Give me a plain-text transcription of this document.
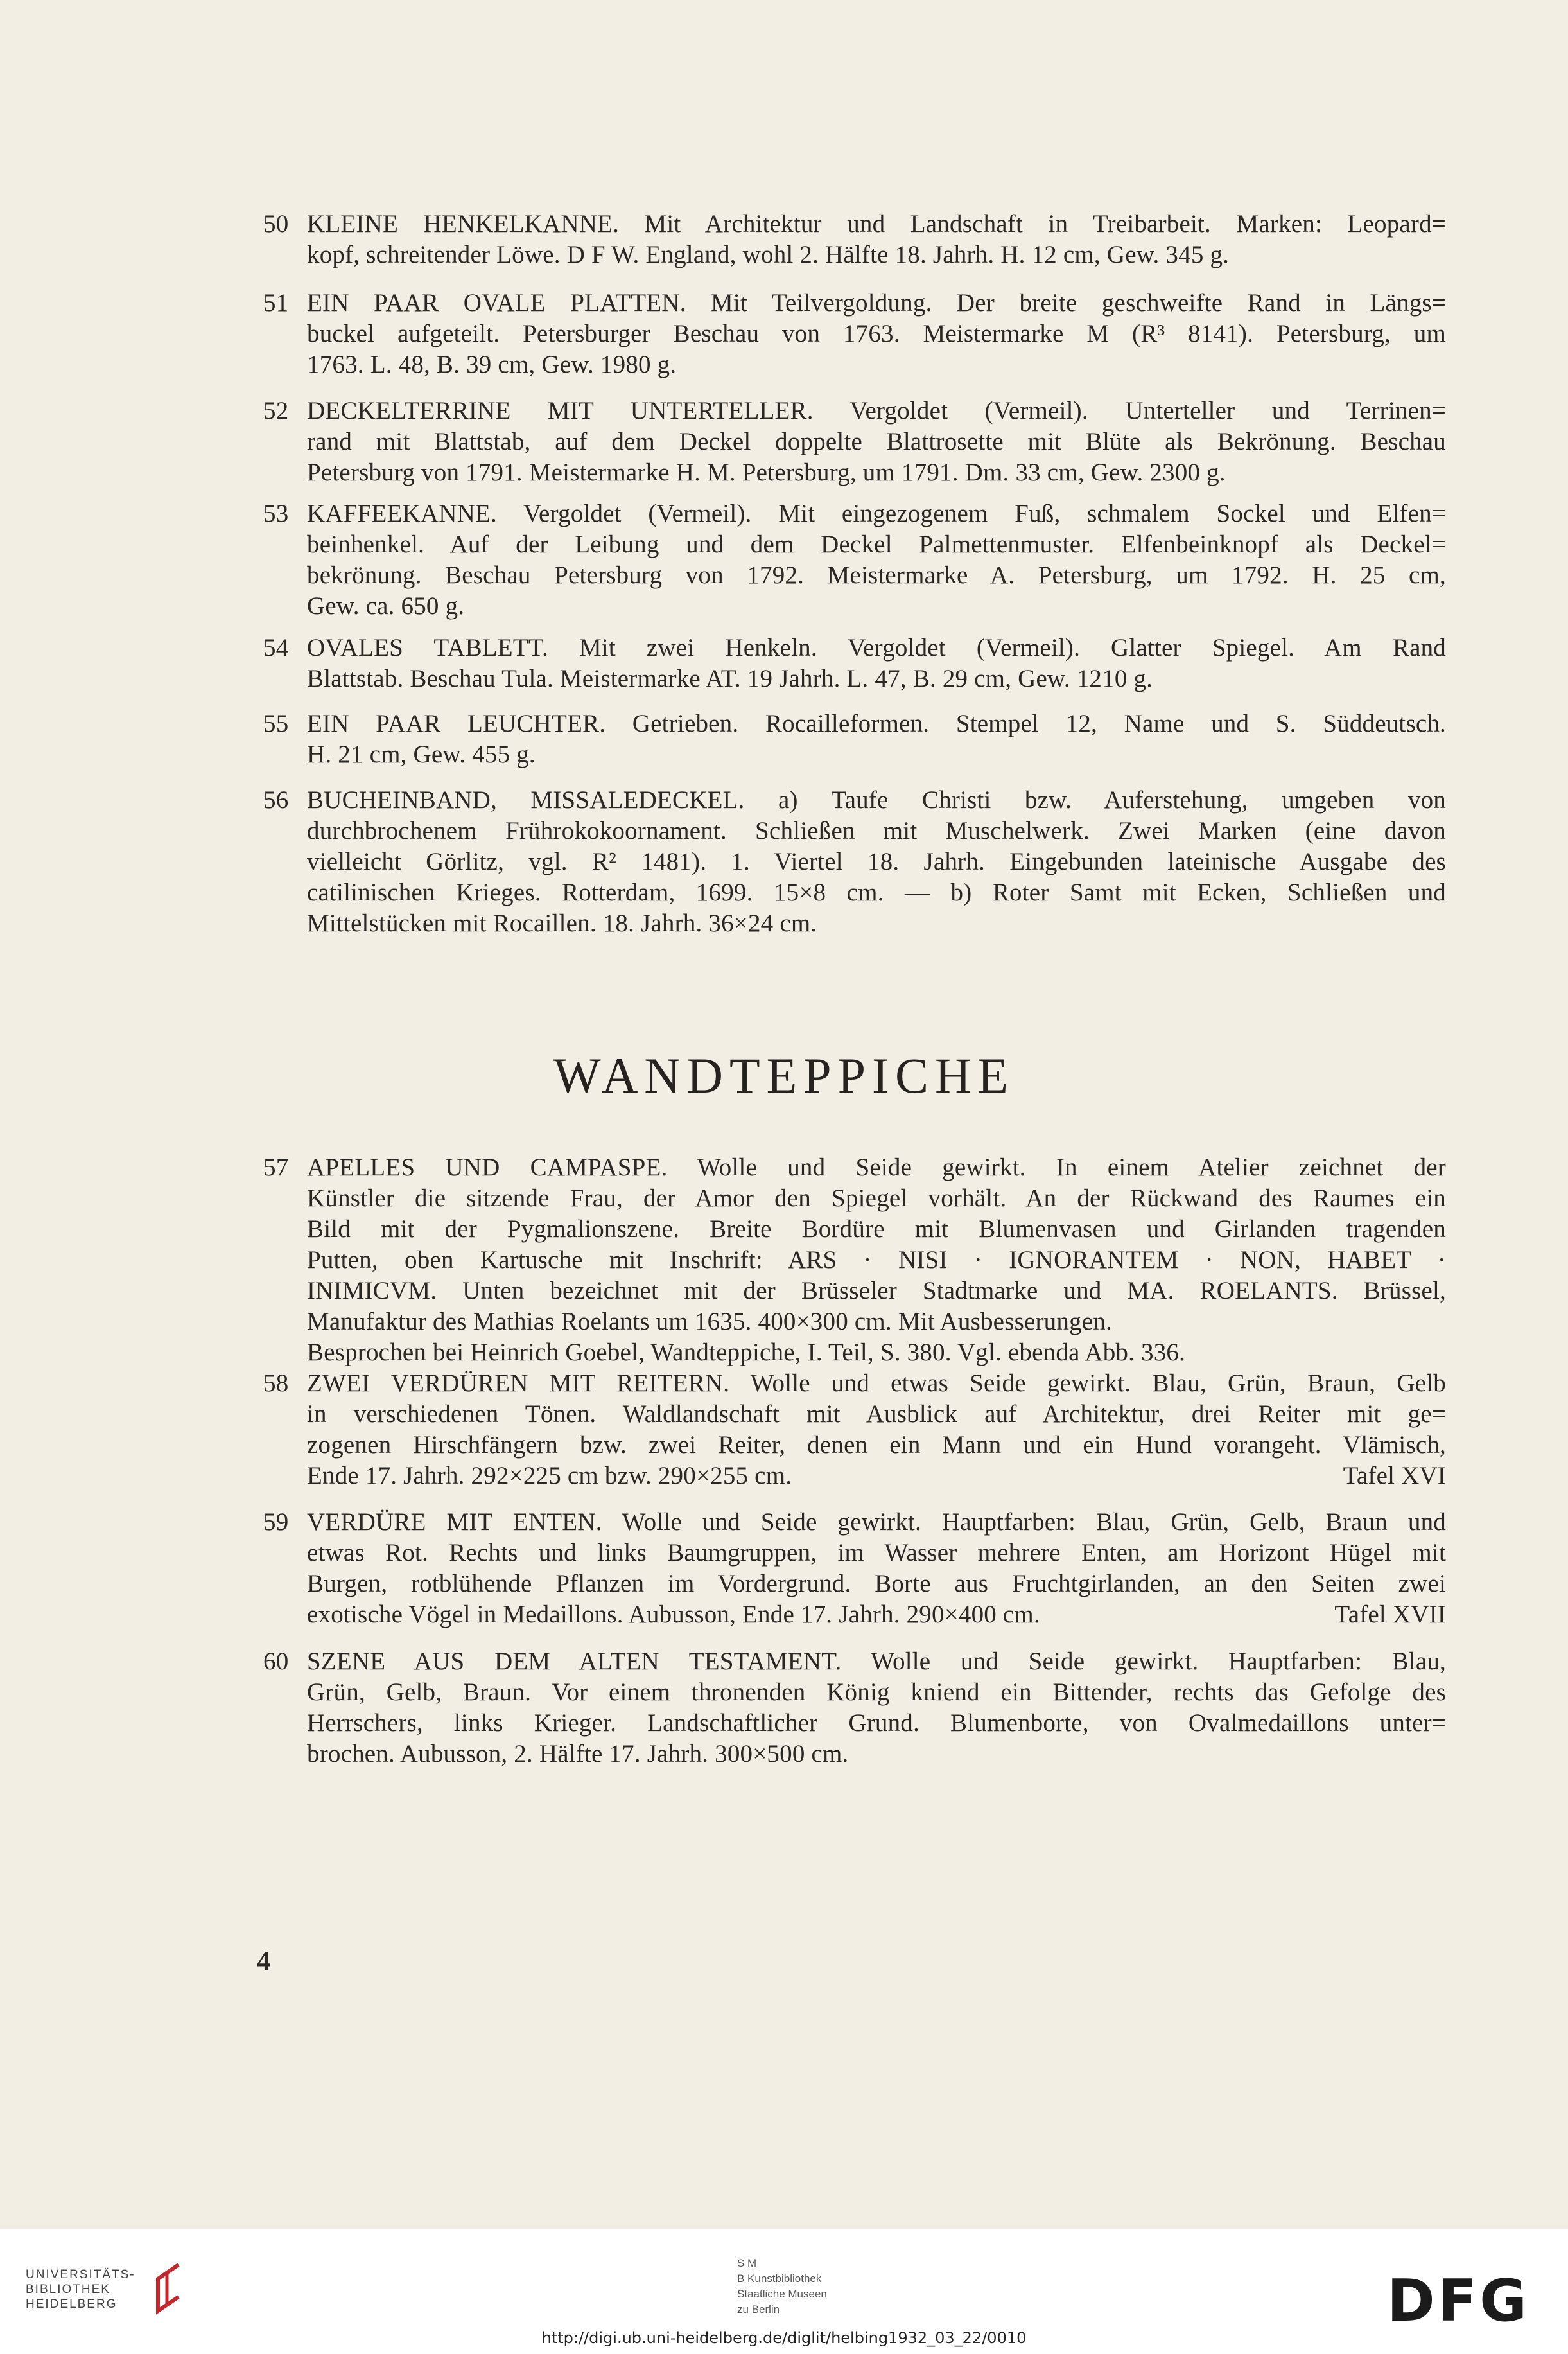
50 KLEINE HENKELKANNE. Mit Architektur und Landschaft in Treibarbeit. Marken: Leopard=
kopf, schreitender Löwe. D F W. England, wohl 2. Hälfte 18. Jahrh. H. 12 cm, Gew. 345 g.
51 EIN PAAR OVALE PLATTEN. Mit Teilvergoldung. Der breite geschweifte Rand in Längs=
buckel aufgeteilt. Petersburger Beschau von 1763. Meistermarke M (R³ 8141). Petersburg, um
1763. L. 48, B. 39 cm, Gew. 1980 g.
52 DECKELTERRINE MIT UNTERTELLER. Vergoldet (Vermeil). Unterteller und Terrinen=
rand mit Blattstab, auf dem Deckel doppelte Blattrosette mit Blüte als Bekrönung. Beschau
Petersburg von 1791. Meistermarke H. M. Petersburg, um 1791. Dm. 33 cm, Gew. 2300 g.
53 KAFFEEKANNE. Vergoldet (Vermeil). Mit eingezogenem Fuß, schmalem Sockel und Elfen=
beinhenkel. Auf der Leibung und dem Deckel Palmettenmuster. Elfenbeinknopf als Deckel=
bekrönung. Beschau Petersburg von 1792. Meistermarke A. Petersburg, um 1792. H. 25 cm,
Gew. ca. 650 g.
54 OVALES TABLETT. Mit zwei Henkeln. Vergoldet (Vermeil). Glatter Spiegel. Am Rand
Blattstab. Beschau Tula. Meistermarke AT. 19 Jahrh. L. 47, B. 29 cm, Gew. 1210 g.
55 EIN PAAR LEUCHTER. Getrieben. Rocailleformen. Stempel 12, Name und S. Süddeutsch.
H. 21 cm, Gew. 455 g.
56 BUCHEINBAND, MISSALEDECKEL. a) Taufe Christi bzw. Auferstehung, umgeben von
durchbrochenem Frührokokoornament. Schließen mit Muschelwerk. Zwei Marken (eine davon
vielleicht Görlitz, vgl. R² 1481). 1. Viertel 18. Jahrh. Eingebunden lateinische Ausgabe des
catilinischen Krieges. Rotterdam, 1699. 15×8 cm. — b) Roter Samt mit Ecken, Schließen und
Mittelstücken mit Rocaillen. 18. Jahrh. 36×24 cm.
WANDTEPPICHE
57 APELLES UND CAMPASPE. Wolle und Seide gewirkt. In einem Atelier zeichnet der
Künstler die sitzende Frau, der Amor den Spiegel vorhält. An der Rückwand des Raumes ein
Bild mit der Pygmalionszene. Breite Bordüre mit Blumenvasen und Girlanden tragenden
Putten, oben Kartusche mit Inschrift: ARS · NISI · IGNORANTEM · NON, HABET ·
INIMICVM. Unten bezeichnet mit der Brüsseler Stadtmarke und MA. ROELANTS. Brüssel,
Manufaktur des Mathias Roelants um 1635. 400×300 cm. Mit Ausbesserungen.
Besprochen bei Heinrich Goebel, Wandteppiche, I. Teil, S. 380. Vgl. ebenda Abb. 336.
58 ZWEI VERDÜREN MIT REITERN. Wolle und etwas Seide gewirkt. Blau, Grün, Braun, Gelb
in verschiedenen Tönen. Waldlandschaft mit Ausblick auf Architektur, drei Reiter mit ge=
zogenen Hirschfängern bzw. zwei Reiter, denen ein Mann und ein Hund vorangeht. Vlämisch,
Ende 17. Jahrh. 292×225 cm bzw. 290×255 cm.	Tafel XVI
59 VERDÜRE MIT ENTEN. Wolle und Seide gewirkt. Hauptfarben: Blau, Grün, Gelb, Braun und
etwas Rot. Rechts und links Baumgruppen, im Wasser mehrere Enten, am Horizont Hügel mit
Burgen, rotblühende Pflanzen im Vordergrund. Borte aus Fruchtgirlanden, an den Seiten zwei
exotische Vögel in Medaillons. Aubusson, Ende 17. Jahrh. 290×400 cm.	Tafel XVII
60 SZENE AUS DEM ALTEN TESTAMENT. Wolle und Seide gewirkt. Hauptfarben: Blau,
Grün, Gelb, Braun. Vor einem thronenden König kniend ein Bittender, rechts das Gefolge des
Herrschers, links Krieger. Landschaftlicher Grund. Blumenborte, von Ovalmedaillons unter=
brochen. Aubusson, 2. Hälfte 17. Jahrh. 300×500 cm.
4
UNIVERSITÄTS-
BIBLIOTHEK
HEIDELBERG
S M
B Kunstbibliothek
Staatliche Museen
zu Berlin	DFG
http://digi.ub.uni-heidelberg.de/diglit/helbing1932_03_22/0010
